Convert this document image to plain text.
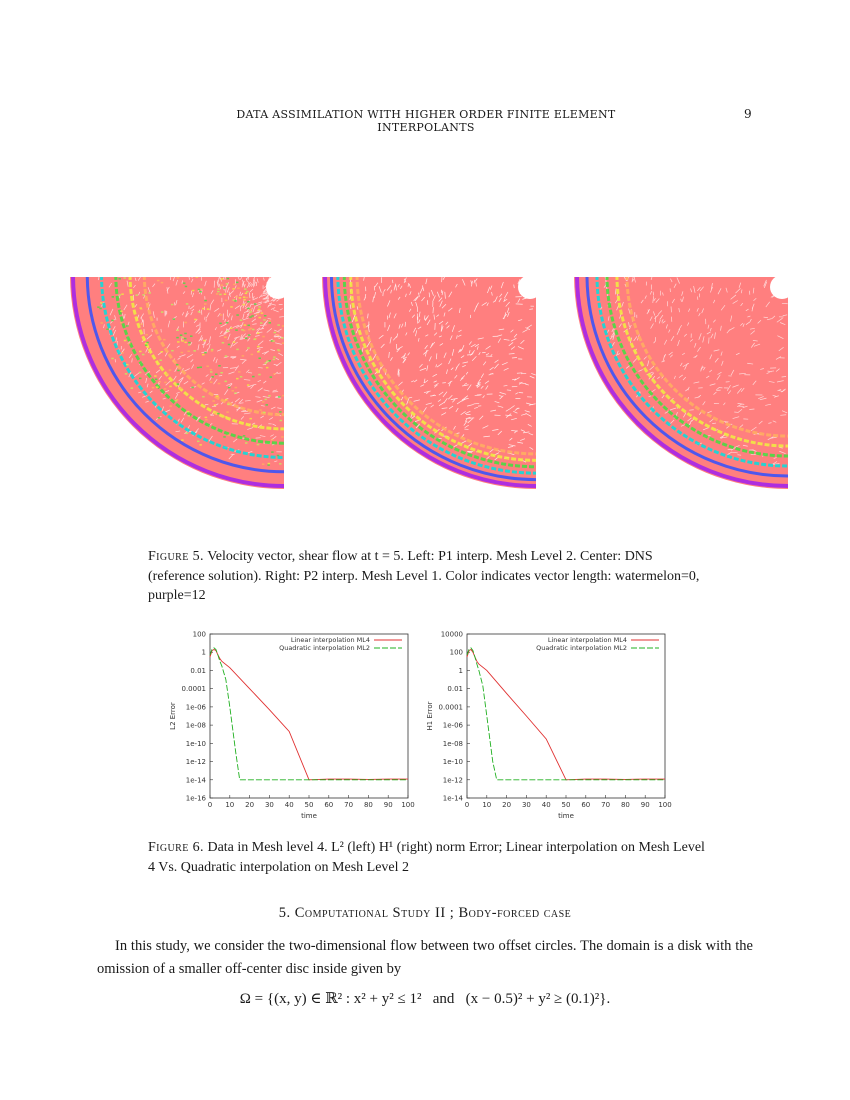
DATA ASSIMILATION WITH HIGHER ORDER FINITE ELEMENT INTERPOLANTS
9
Figure 5. Velocity vector, shear flow at t = 5. Left: P1 interp. Mesh Level 2. Center: DNS (reference solution). Right: P2 interp. Mesh Level 1. Color indicates vector length: watermelon=0, purple=12
0 10 20 30 40 50 60 70 80 90 100
100
1
0.01
0.0001
1e-06
1e-08
1e-10
1e-12
1e-14
1e-16
time
L2 Error
Linear interpolation ML4
Quadratic interpolation ML2
0 10 20 30 40 50 60 70 80 90 100
10000
100
1
0.01
0.0001
1e-06
1e-08
1e-10
1e-12
1e-14
time
H1 Error
Linear interpolation ML4
Quadratic interpolation ML2
Figure 6. Data in Mesh level 4. L² (left) H¹ (right) norm Error; Linear interpolation on Mesh Level 4 Vs. Quadratic interpolation on Mesh Level 2
5. Computational Study II ; Body-forced case
In this study, we consider the two-dimensional flow between two offset circles. The domain is a disk with the omission of a smaller off-center disc inside given by
Ω = {(x, y) ∈ ℝ² : x² + y² ≤ 1² and (x − 0.5)² + y² ≥ (0.1)²}.
